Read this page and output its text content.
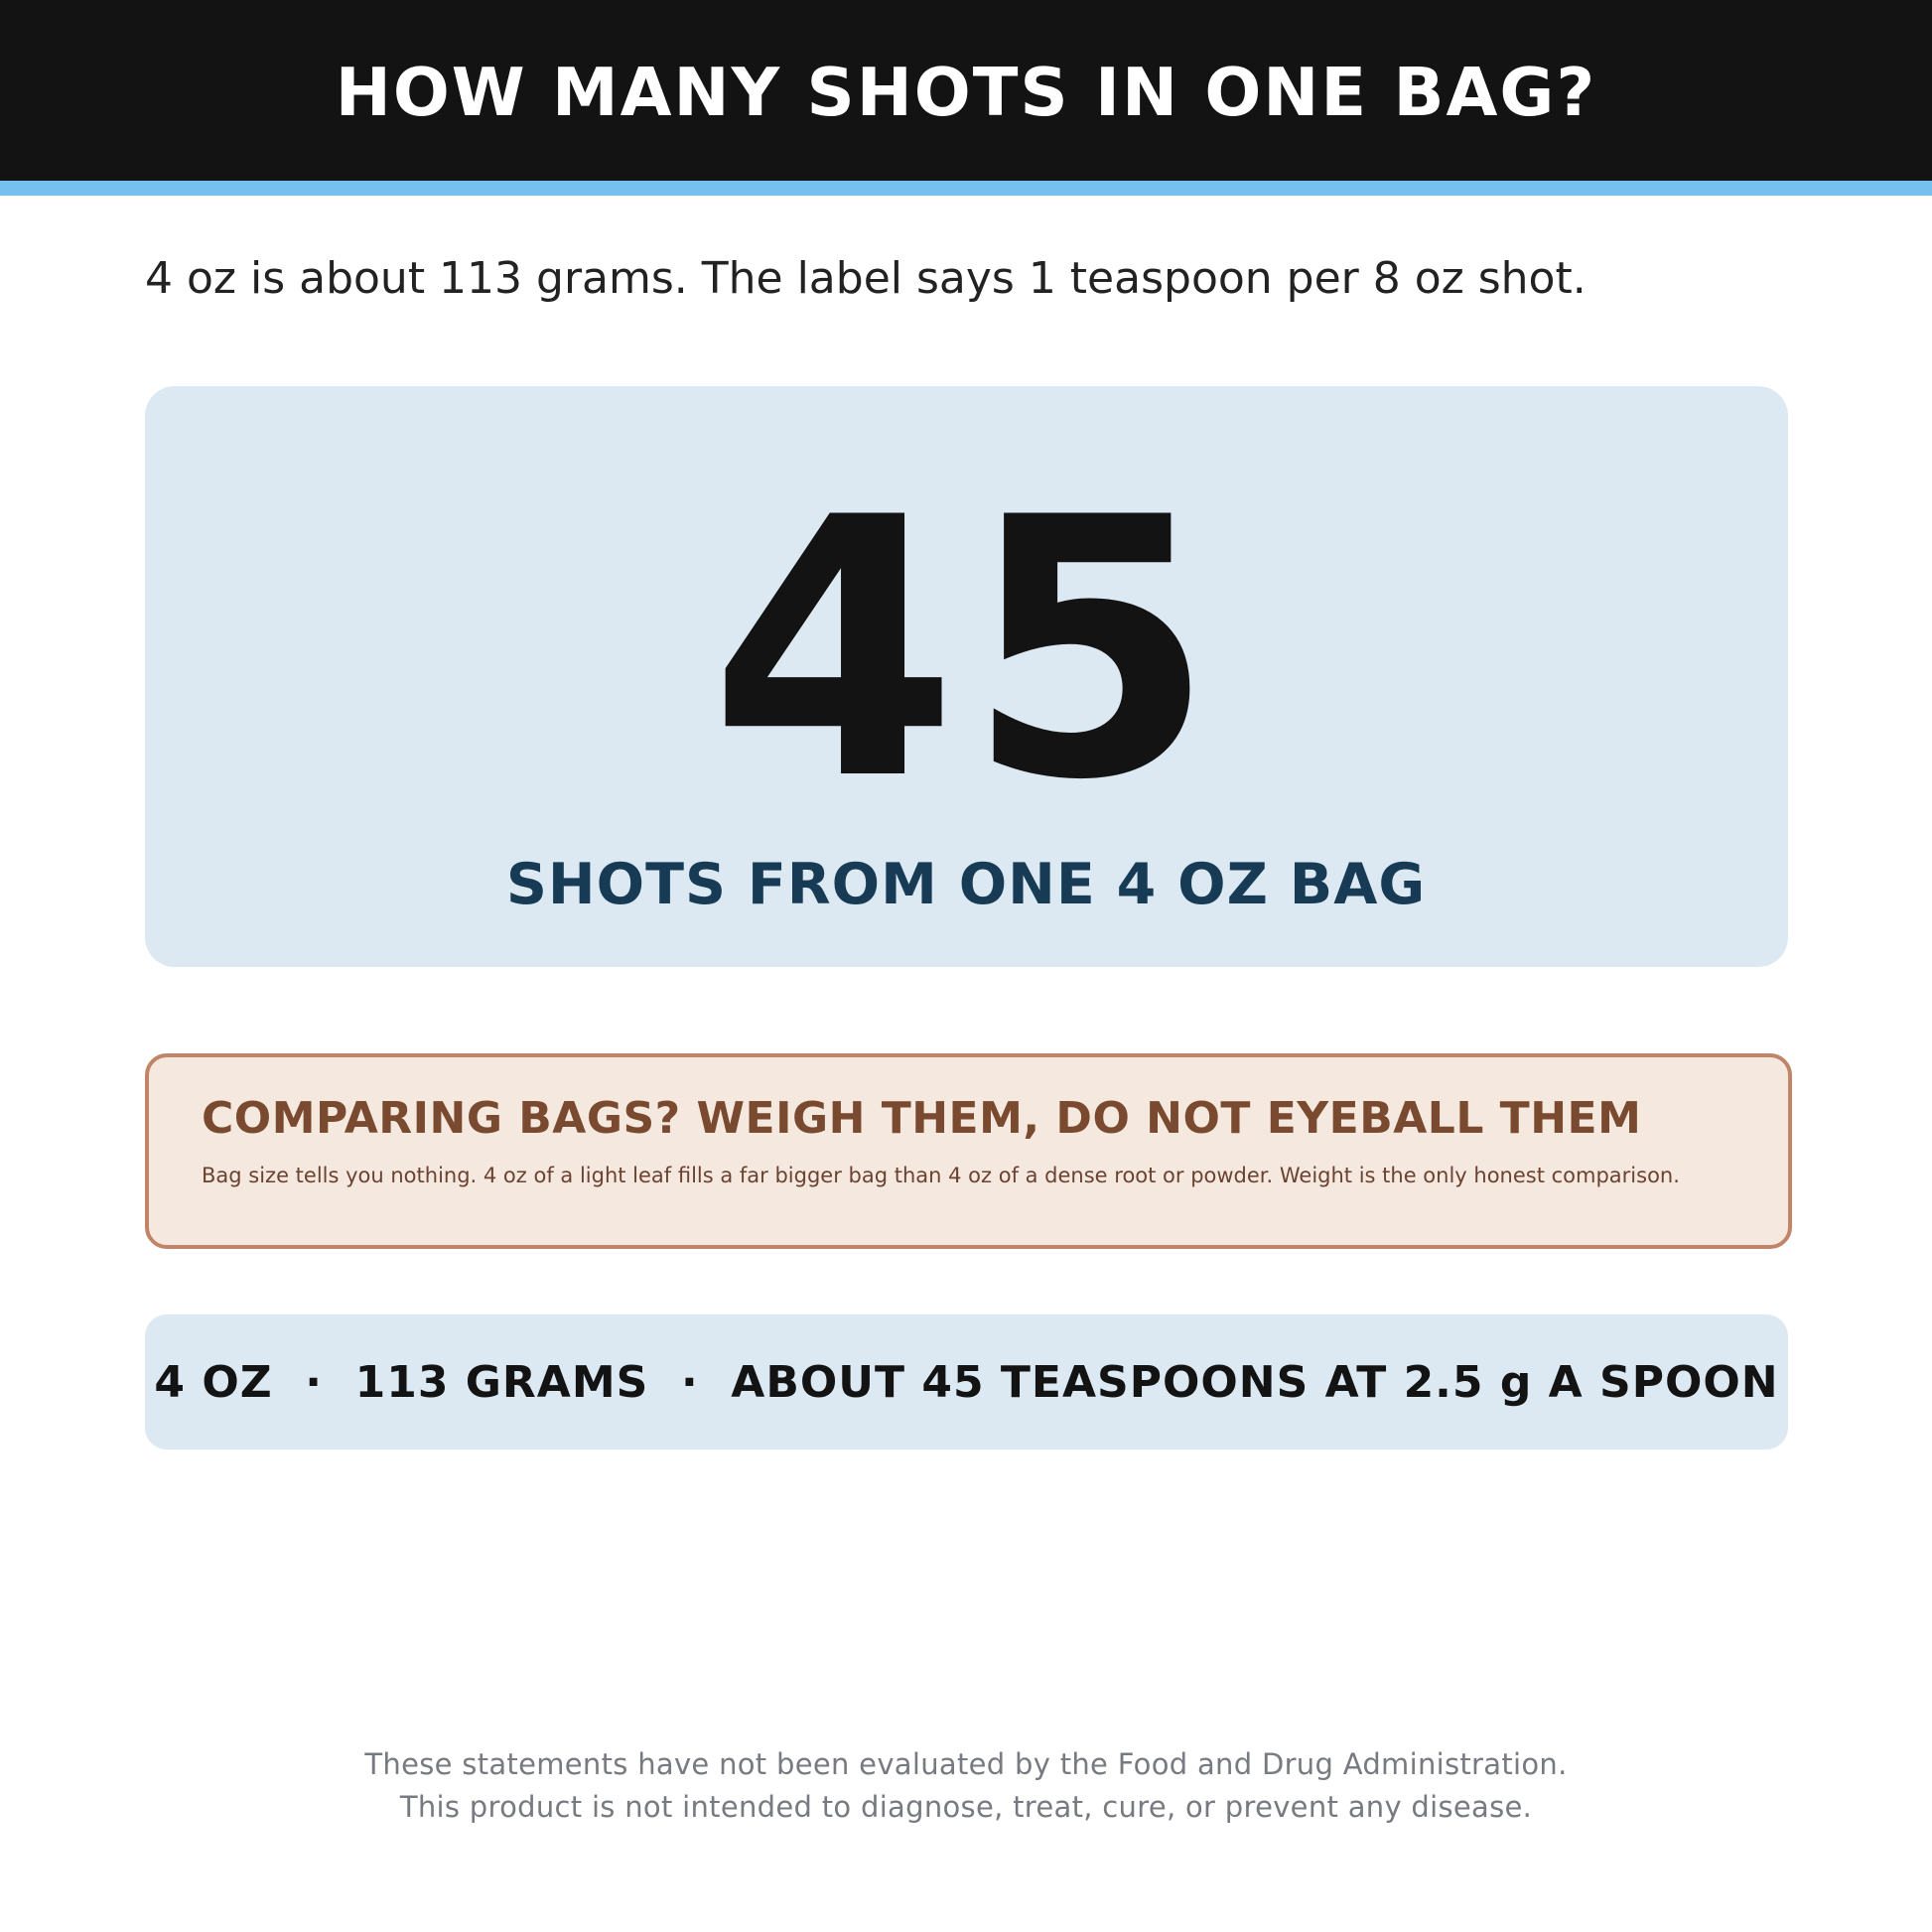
HOW MANY SHOTS IN ONE BAG?
4 oz is about 113 grams. The label says 1 teaspoon per 8 oz shot.
45
SHOTS FROM ONE 4 OZ BAG
COMPARING BAGS? WEIGH THEM, DO NOT EYEBALL THEM
Bag size tells you nothing. 4 oz of a light leaf fills a far bigger bag than 4 oz of a dense root or powder. Weight is the only honest comparison.
4 OZ  ·  113 GRAMS  ·  ABOUT 45 TEASPOONS AT 2.5 g A SPOON
These statements have not been evaluated by the Food and Drug Administration.
This product is not intended to diagnose, treat, cure, or prevent any disease.
